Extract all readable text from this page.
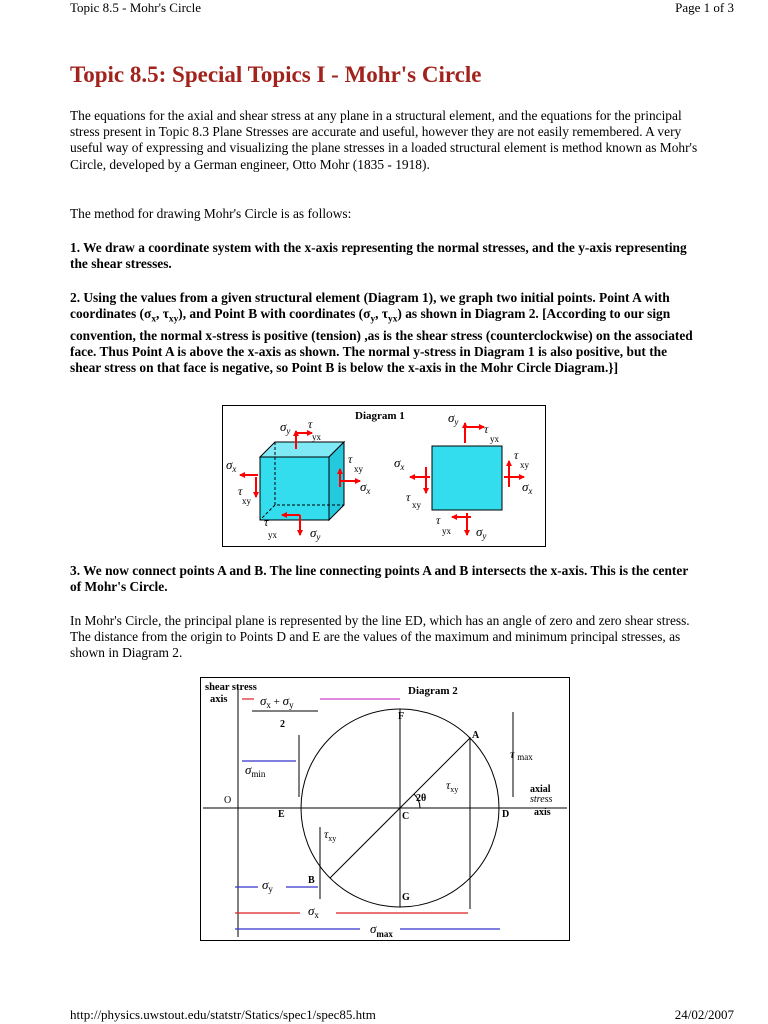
Topic 8.5 - Mohr's Circle	Page 1 of 3
Topic 8.5: Special Topics I - Mohr's Circle

The equations for the axial and shear stress at any plane in a structural element, and the equations for the principal stress present in Topic 8.3 Plane Stresses are accurate and useful, however they are not easily remembered. A very useful way of expressing and visualizing the plane stresses in a loaded structural element is method known as Mohr's Circle, developed by a German engineer, Otto Mohr (1835 - 1918).

The method for drawing Mohr's Circle is as follows:

1. We draw a coordinate system with the x-axis representing the normal stresses, and the y-axis representing the shear stresses.

2. Using the values from a given structural element (Diagram 1), we graph two initial points. Point A with coordinates ($\sigma_x$, $\tau_{xy}$), and Point B with coordinates ($\sigma_y$, $\tau_{yx}$) as shown in Diagram 2. [According to our sign convention, the normal x-stress is positive (tension) ,as is the shear stress (counterclockwise) on the associated face. Thus Point A is above the x-axis as shown. The normal y-stress in Diagram 1 is also positive, but the shear stress on that face is negative, so Point B is below the x-axis in the Mohr Circle Diagram.}]

Diagram 1
$\sigma_y$ τ
yx
$\sigma_x$
τ
xy
τ
xy
$\sigma_x$
τ
yx	$\sigma_y$
$\sigma_y$ τ
yx
$\sigma_x$
τ
xy
τ
xy
$\sigma_x$
τ
yx $\sigma_y$

3. We now connect points A and B. The line connecting points A and B intersects the x-axis. This is the center of Mohr's Circle.

In Mohr's Circle, the principal plane is represented by the line ED, which has an angle of zero and zero shear stress. The distance from the origin to Points D and E are the values of the maximum and minimum principal stresses, as shown in Diagram 2.

Diagram 2
shear stress
axis $\sigma_x + \sigma_y$
2
$\sigma_{min}$
τ max
axial
stress
axis
$\tau_{xy}$
2θ
$\tau_{xy}$
F
A
O
E	C	D
B
G
$\sigma_y$
$\sigma_x$
$\sigma_{max}$
http://physics.uwstout.edu/statstr/Statics/spec1/spec85.htm	24/02/2007
